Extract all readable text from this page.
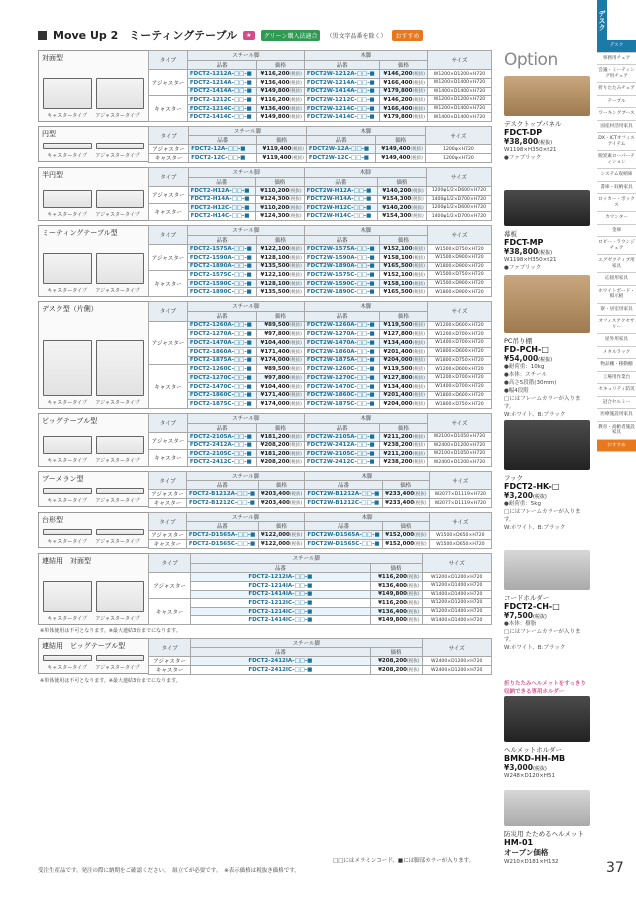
Move Up 2　ミーティングテーブル	★	グリーン購入法適合	（黒文字品番を除く）	おすすめ
対面型
キャスタータイプ アジャスタータイプ
タイプ	スチール脚		木脚		サイズ
	品番	価格	品番	価格	
アジャスター	FDCT2-1212A-□□-■	¥116,200(税抜)	FDCT2W-1212A-□□-■	¥146,200(税抜)	W1200×D1200×H720
	FDCT2-1214A-□□-■	¥136,400(税抜)	FDCT2W-1214A-□□-■	¥166,400(税抜)	W1200×D1400×H720
	FDCT2-1414A-□□-■	¥149,800(税抜)	FDCT2W-1414A-□□-■	¥179,800(税抜)	W1400×D1400×H720
キャスター	FDCT2-1212C-□□-■	¥116,200(税抜)	FDCT2W-1212C-□□-■	¥146,200(税抜)	W1200×D1200×H720
	FDCT2-1214C-□□-■	¥136,400(税抜)	FDCT2W-1214C-□□-■	¥166,400(税抜)	W1200×D1400×H720
	FDCT2-1414C-□□-■	¥149,800(税抜)	FDCT2W-1414C-□□-■	¥179,800(税抜)	W1400×D1400×H720
円型
キャスタータイプ アジャスタータイプ
タイプ	スチール脚		木脚		サイズ
	品番	価格	品番	価格	
アジャスター	FDCT2-12A-□□-■	¥119,400(税抜)	FDCT2W-12A-□□-■	¥149,400(税抜)	1200φ×H720
キャスター	FDCT2-12C-□□-■	¥119,400(税抜)	FDCT2W-12C-□□-■	¥149,400(税抜)	1200φ×H720
半円型
キャスタータイプ アジャスタータイプ
タイプ	スチール脚		木脚		サイズ
	品番	価格	品番	価格	
アジャスター	FDCT2-H12A-□□-■	¥110,200(税抜)	FDCT2W-H12A-□□-■	¥140,200(税抜)	1200φ1/2×D600×H720
	FDCT2-H14A-□□-■	¥124,300(税抜)	FDCT2W-H14A-□□-■	¥154,300(税抜)	1400φ1/2×D700×H720
キャスター	FDCT2-H12C-□□-■	¥110,200(税抜)	FDCT2W-H12C-□□-■	¥140,200(税抜)	1200φ1/2×D600×H720
	FDCT2-H14C-□□-■	¥124,300(税抜)	FDCT2W-H14C-□□-■	¥154,300(税抜)	1400φ1/2×D700×H720
ミーティングテーブル型
キャスタータイプ アジャスタータイプ
タイプ	スチール脚		木脚		サイズ
	品番	価格	品番	価格	
アジャスター	FDCT2-1575A-□□-■	¥122,100(税抜)	FDCT2W-1575A-□□-■	¥152,100(税抜)	W1500×D750×H720
	FDCT2-1590A-□□-■	¥128,100(税抜)	FDCT2W-1590A-□□-■	¥158,100(税抜)	W1500×D900×H720
	FDCT2-1890A-□□-■	¥135,500(税抜)	FDCT2W-1890A-□□-■	¥165,500(税抜)	W1800×D900×H720
キャスター	FDCT2-1575C-□□-■	¥122,100(税抜)	FDCT2W-1575C-□□-■	¥152,100(税抜)	W1500×D750×H720
	FDCT2-1590C-□□-■	¥128,100(税抜)	FDCT2W-1590C-□□-■	¥158,100(税抜)	W1500×D900×H720
	FDCT2-1890C-□□-■	¥135,500(税抜)	FDCT2W-1890C-□□-■	¥165,500(税抜)	W1800×D900×H720
デスク型（片側）
キャスタータイプ アジャスタータイプ
タイプ	スチール脚		木脚		サイズ
	品番	価格	品番	価格	
アジャスター	FDCT2-1260A-□□-■	¥89,500(税抜)	FDCT2W-1260A-□□-■	¥119,500(税抜)	W1200×D600×H720
	FDCT2-1270A-□□-■	¥97,800(税抜)	FDCT2W-1270A-□□-■	¥127,800(税抜)	W1200×D700×H720
	FDCT2-1470A-□□-■	¥104,400(税抜)	FDCT2W-1470A-□□-■	¥134,400(税抜)	W1400×D700×H720
	FDCT2-1860A-□□-■	¥171,400(税抜)	FDCT2W-1860A-□□-■	¥201,400(税抜)	W1800×D600×H720
	FDCT2-1875A-□□-■	¥174,000(税抜)	FDCT2W-1875A-□□-■	¥204,000(税抜)	W1800×D750×H720
キャスター	FDCT2-1260C-□□-■	¥89,500(税抜)	FDCT2W-1260C-□□-■	¥119,500(税抜)	W1200×D600×H720
	FDCT2-1270C-□□-■	¥97,800(税抜)	FDCT2W-1270C-□□-■	¥127,800(税抜)	W1200×D700×H720
	FDCT2-1470C-□□-■	¥104,400(税抜)	FDCT2W-1470C-□□-■	¥134,400(税抜)	W1400×D700×H720
	FDCT2-1860C-□□-■	¥171,400(税抜)	FDCT2W-1860C-□□-■	¥201,400(税抜)	W1800×D600×H720
	FDCT2-1875C-□□-■	¥174,000(税抜)	FDCT2W-1875C-□□-■	¥204,000(税抜)	W1800×D750×H720
ビッグテーブル型
キャスタータイプ アジャスタータイプ
タイプ	スチール脚		木脚		サイズ
	品番	価格	品番	価格	
アジャスター	FDCT2-2105A-□□-■	¥181,200(税抜)	FDCT2W-2105A-□□-■	¥211,200(税抜)	W2100×D1050×H720
	FDCT2-2412A-□□-■	¥208,200(税抜)	FDCT2W-2412A-□□-■	¥238,200(税抜)	W2400×D1200×H720
キャスター	FDCT2-2105C-□□-■	¥181,200(税抜)	FDCT2W-2105C-□□-■	¥211,200(税抜)	W2100×D1050×H720
	FDCT2-2412C-□□-■	¥208,200(税抜)	FDCT2W-2412C-□□-■	¥238,200(税抜)	W2400×D1200×H720
ブーメラン型
キャスタータイプ アジャスタータイプ
タイプ	スチール脚		木脚		サイズ
	品番	価格	品番	価格	
アジャスター	FDCT2-B1212A-□□-■	¥203,400(税抜)	FDCT2W-B1212A-□□-■	¥233,400(税抜)	W2077×D1119×H720
キャスター	FDCT2-B1212C-□□-■	¥203,400(税抜)	FDCT2W-B1212C-□□-■	¥233,400(税抜)	W2077×D1119×H720
台形型
キャスタータイプ アジャスタータイプ
タイプ	スチール脚		木脚		サイズ
	品番	価格	品番	価格	
アジャスター	FDCT2-D1565A-□□-■	¥122,000(税抜)	FDCT2W-D1565A-□□-■	¥152,000(税抜)	W1500×D650×H720
キャスター	FDCT2-D1565C-□□-■	¥122,000(税抜)	FDCT2W-D1565C-□□-■	¥152,000(税抜)	W1500×D650×H720
連結用　対面型
キャスタータイプ アジャスタータイプ
タイプ	スチール脚		サイズ
	品番	価格	
アジャスター	FDCT2-1212IA-□□-■	¥116,200(税抜)	W1200×D1200×H720
	FDCT2-1214IA-□□-■	¥136,400(税抜)	W1200×D1400×H720
	FDCT2-1414IA-□□-■	¥149,800(税抜)	W1400×D1400×H720
キャスター	FDCT2-1212IC-□□-■	¥116,200(税抜)	W1200×D1200×H720
	FDCT2-1214IC-□□-■	¥136,400(税抜)	W1200×D1400×H720
	FDCT2-1414IC-□□-■	¥149,800(税抜)	W1400×D1400×H720
※単体使用は不可となります。※最大連結3台までになります。
連結用　ビッグテーブル型
キャスタータイプ アジャスタータイプ
タイプ	スチール脚		サイズ
	品番	価格	
アジャスター	FDCT2-2412IA-□□-■	¥208,200(税抜)	W2400×D1200×H720
キャスター	FDCT2-2412IC-□□-■	¥208,200(税抜)	W2400×D1200×H720
※単体使用は不可となります。※最大連結3台までになります。
□□にはメラミンコード、■には脚部カラーが入ります。
受注生産品です。発注の際に納期をご確認ください。　組立てが必要です。　※表示価格は税抜き価格です。
Option
デスクトップパネル
FDCT-DP
¥38,800(税抜)
W1198×H350×t21
●ファブリック
幕板
FDCT-MP
¥38,800(税抜)
W1198×H350×t21
●ファブリック
PC吊り棚
FD-PCH-□
¥54,000(税抜)
●耐荷重：10kg
●本体：スチール
●高さ5段階(30mm)
●幅4段階
□にはフレームカラーが入ります。
W:ホワイト、B:ブラック
フック
FDCT2-HK-□
¥3,200(税抜)
●耐荷重：5kg
□にはフレームカラーが入ります。
W:ホワイト、B:ブラック
コードホルダー
FDCT2-CH-□
¥7,500(税抜)
●本体：樹脂
□にはフレームカラーが入ります。
W:ホワイト、B:ブラック
折りたたみヘルメットをすっきり収納できる専用ホルダー
ヘルメットホルダー
BMKD-HH-MB
¥3,000(税抜)
W248×D120×H51
防災用 たためるヘルメット
HM-01
オープン価格
W210×D181×H132
デスク
デスク
事務用チェア
会議・ミーティング用チェア
折りたたみチェア
テーブル
ワーキングブース
国産材活用家具
DX・ICTオフィスアイテム
脱炭素ローパーティション
システム収納庫
書庫・収納家具
ロッカー・ボックス
カウンター
金庫
ロビー・ラウンジチェア
エグゼクティブ用家具
応接用家具
ホワイトボード・掲示板
寮・居室用家具
オフィスアクセサリー
屋外用家具
メタルラック
物品棚・移動棚
工場用作業台
セキュリティ防災
冠合セルミー
医療施設用家具
教育・高齢者施設家具
おすすめ
37
